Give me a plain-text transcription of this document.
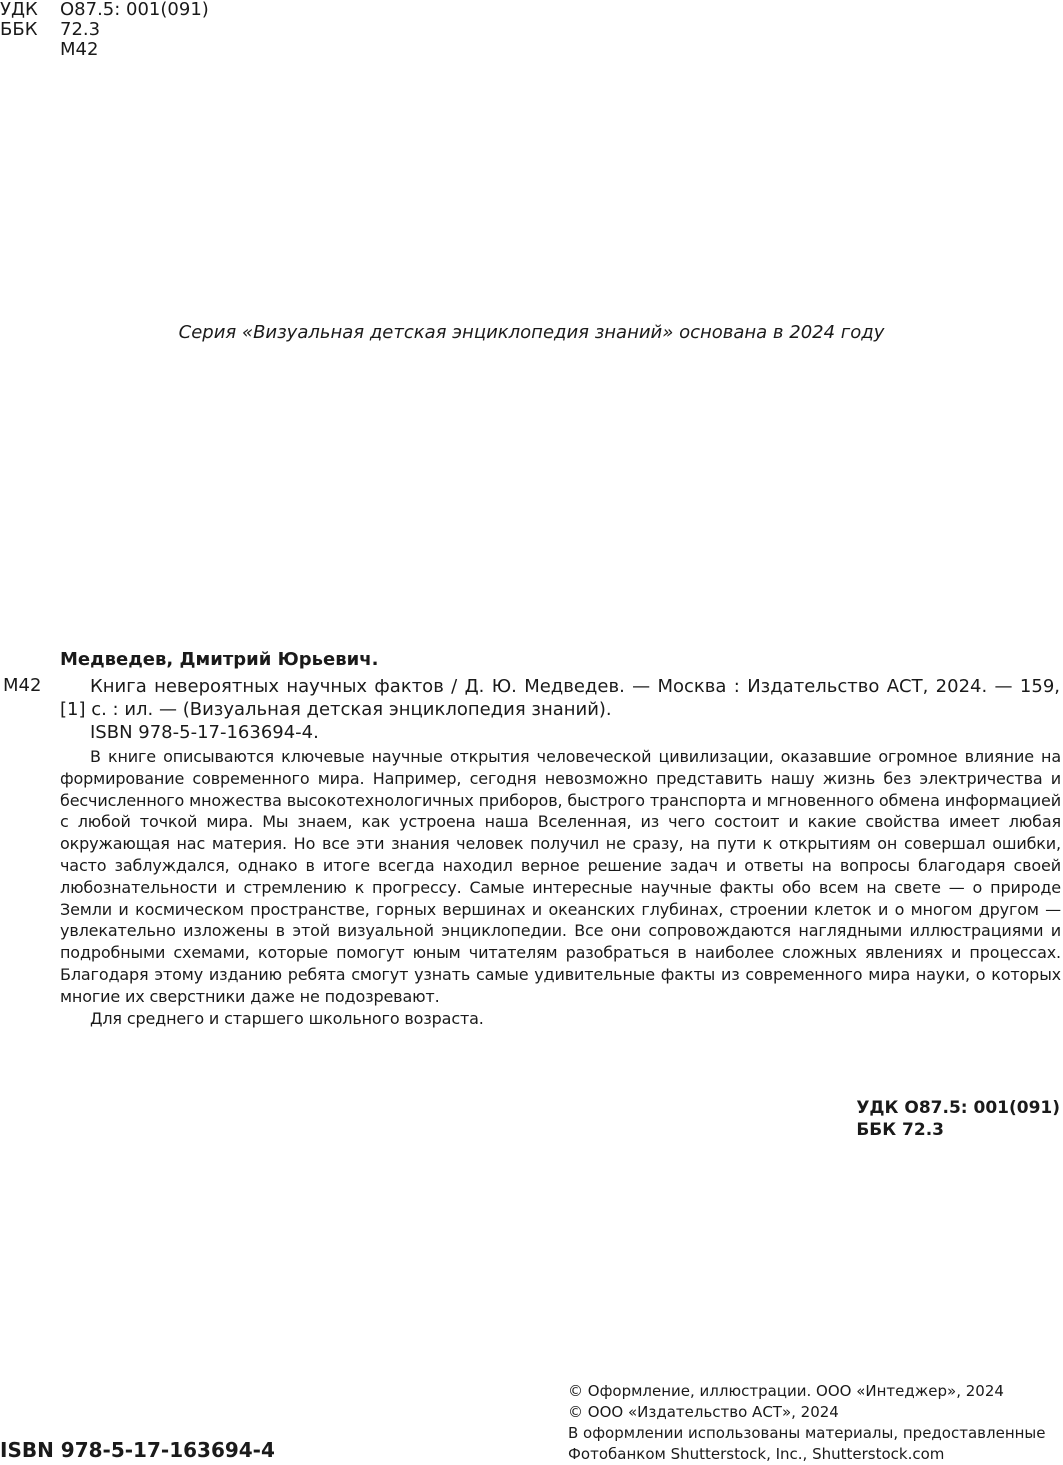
УДК О87.5: 001(091)
ББК 72.3
М42
Серия «Визуальная детская энциклопедия знаний» основана в 2024 году
Медведев, Дмитрий Юрьевич.
М42	Книга невероятных научных фактов / Д. Ю. Медведев. — Москва : Издательство АСТ, 2024. — 159, [1] с. : ил. — (Визуальная детская энциклопедия знаний).

ISBN 978-5-17-163694-4.

В книге описываются ключевые научные открытия человеческой цивилизации, оказавшие огромное влияние на формирование современного мира. Например, сегодня невозможно представить нашу жизнь без электричества и бесчисленного множества высокотехнологичных приборов, быстрого транспорта и мгновенного обмена информацией с любой точкой мира. Мы знаем, как устроена наша Вселенная, из чего состоит и какие свойства имеет любая окружающая нас материя. Но все эти знания человек получил не сразу, на пути к открытиям он совершал ошибки, часто заблуждался, однако в итоге всегда находил верное решение задач и ответы на вопросы благодаря своей любознательности и стремлению к прогрессу. Самые интересные научные факты обо всем на свете — о природе Земли и космическом пространстве, горных вершинах и океанских глубинах, строении клеток и о многом другом — увлекательно изложены в этой визуальной энциклопедии. Все они сопровождаются наглядными иллюстрациями и подробными схемами, которые помогут юным читателям разобраться в наиболее сложных явлениях и процессах. Благодаря этому изданию ребята смогут узнать самые удивительные факты из современного мира науки, о которых многие их сверстники даже не подозревают.

Для среднего и старшего школьного возраста.

УДК О87.5: 001(091)
ББК 72.3
© Оформление, иллюстрации. ООО «Интеджер», 2024
© ООО «Издательство АСТ», 2024
В оформлении использованы материалы, предоставленные
Фотобанком Shutterstock, Inc., Shutterstock.com
ISBN 978-5-17-163694-4
